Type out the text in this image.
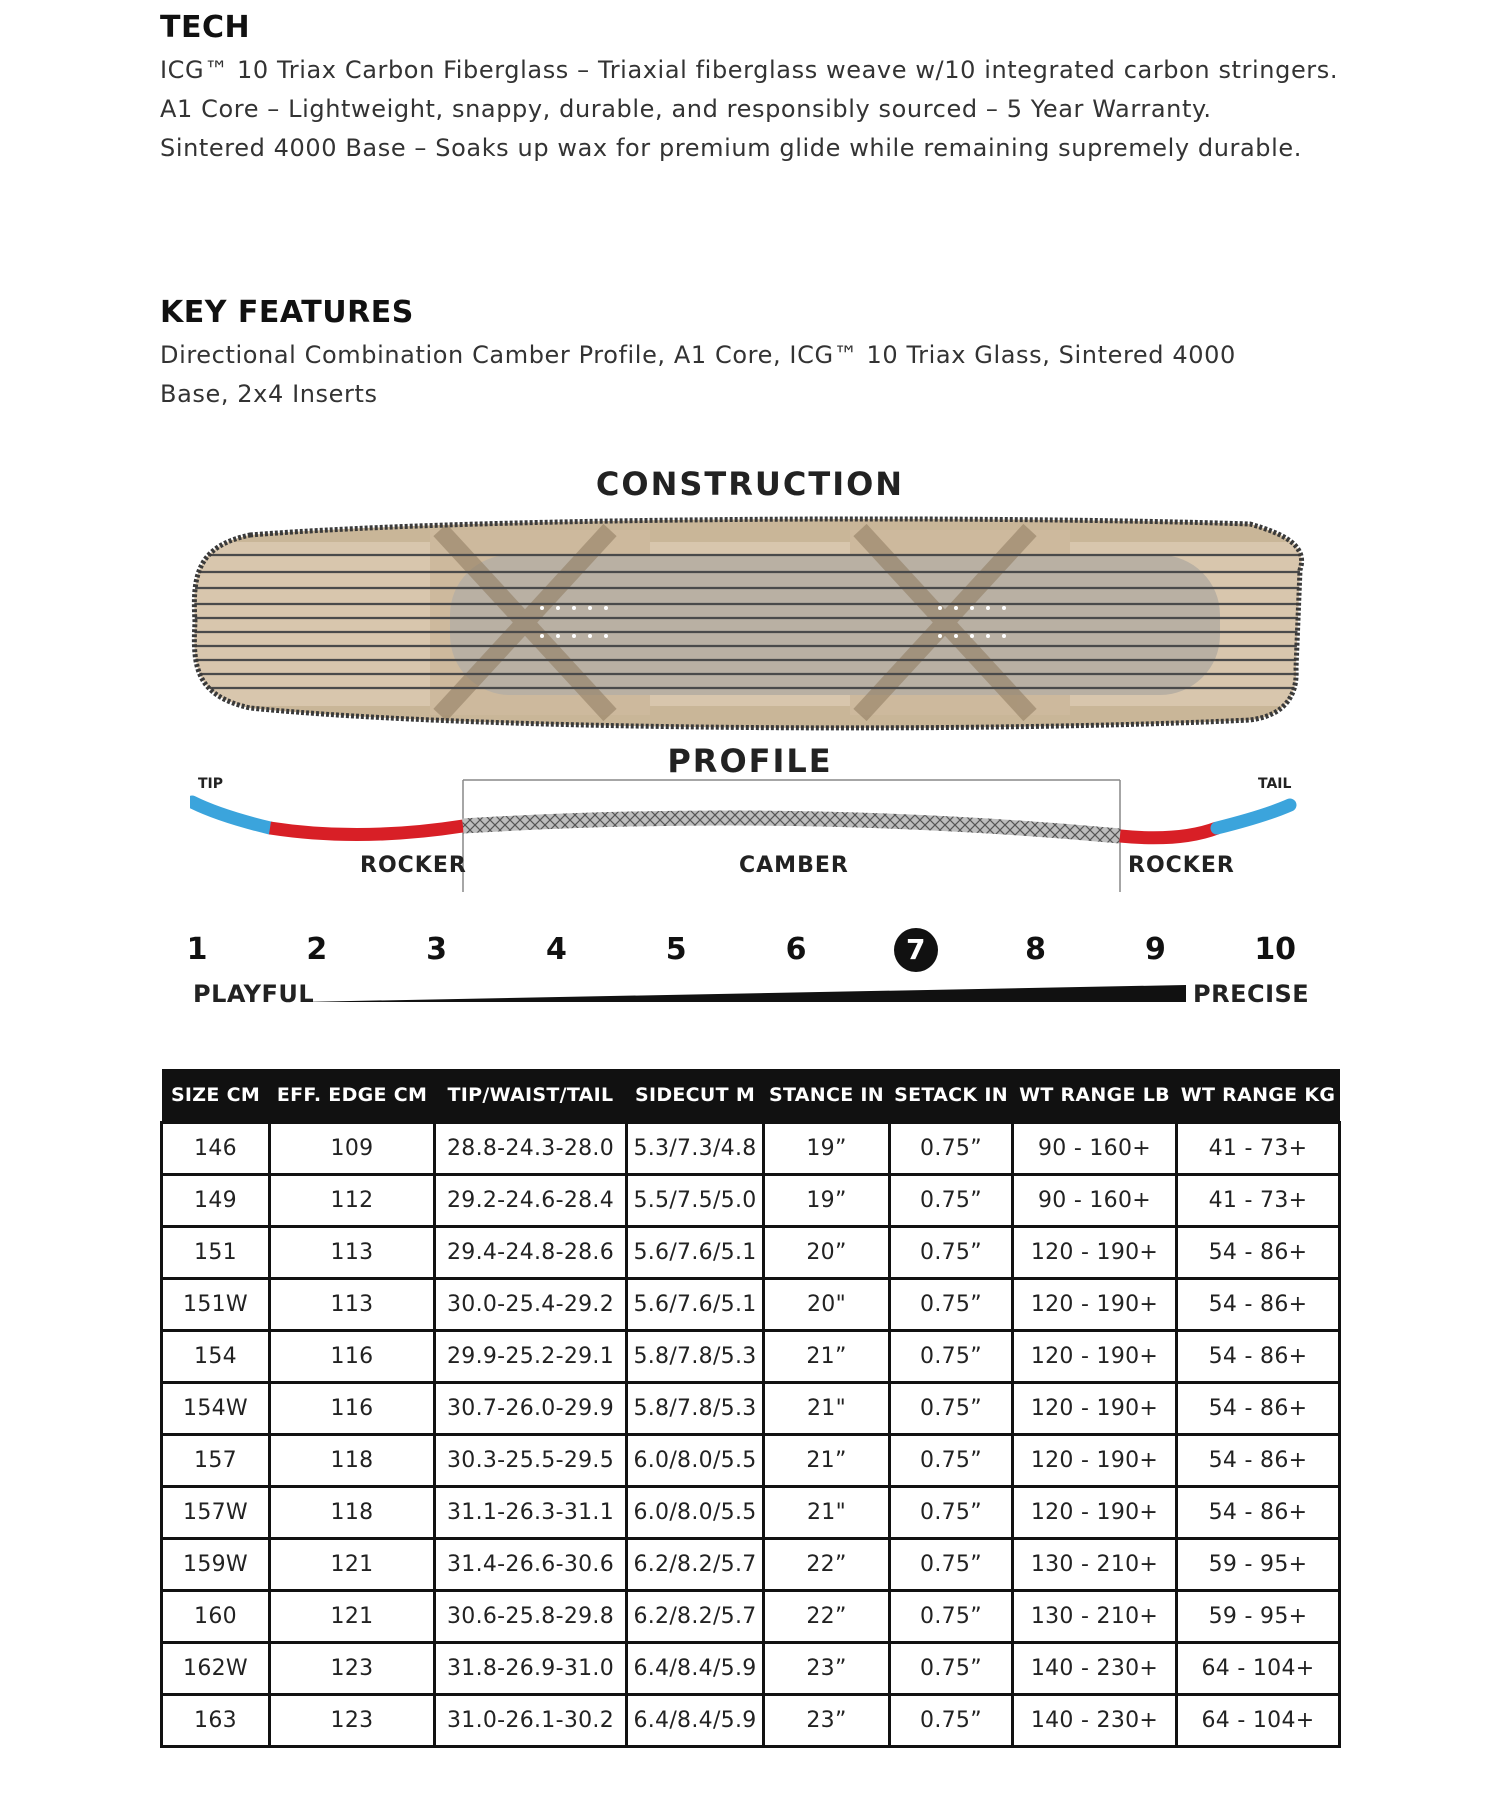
TECH

ICG™ 10 Triax Carbon Fiberglass – Triaxial fiberglass weave w/10 integrated carbon stringers.

A1 Core – Lightweight, snappy, durable, and responsibly sourced – 5 Year Warranty.

Sintered 4000 Base – Soaks up wax for premium glide while remaining supremely durable.

KEY FEATURES
Directional Combination Camber Profile, A1 Core, ICG™ 10 Triax Glass, Sintered 4000 Base, 2x4 Inserts
CONSTRUCTION
PROFILE
TIP	TAIL
ROCKER	CAMBER	ROCKER
1	2	3	4	5	6	7	8	9	10
PLAYFUL	PRECISE
SIZE CM	EFF. EDGE CM	TIP/WAIST/TAIL	SIDECUT M	STANCE IN	SETACK IN	WT RANGE LB	WT RANGE KG
146	109	28.8-24.3-28.0	5.3/7.3/4.8	19”	0.75”	90 - 160+	41 - 73+
149	112	29.2-24.6-28.4	5.5/7.5/5.0	19”	0.75”	90 - 160+	41 - 73+
151	113	29.4-24.8-28.6	5.6/7.6/5.1	20”	0.75”	120 - 190+	54 - 86+
151W	113	30.0-25.4-29.2	5.6/7.6/5.1	20"	0.75”	120 - 190+	54 - 86+
154	116	29.9-25.2-29.1	5.8/7.8/5.3	21”	0.75”	120 - 190+	54 - 86+
154W	116	30.7-26.0-29.9	5.8/7.8/5.3	21"	0.75”	120 - 190+	54 - 86+
157	118	30.3-25.5-29.5	6.0/8.0/5.5	21”	0.75”	120 - 190+	54 - 86+
157W	118	31.1-26.3-31.1	6.0/8.0/5.5	21"	0.75”	120 - 190+	54 - 86+
159W	121	31.4-26.6-30.6	6.2/8.2/5.7	22”	0.75”	130 - 210+	59 - 95+
160	121	30.6-25.8-29.8	6.2/8.2/5.7	22”	0.75”	130 - 210+	59 - 95+
162W	123	31.8-26.9-31.0	6.4/8.4/5.9	23”	0.75”	140 - 230+	64 - 104+
163	123	31.0-26.1-30.2	6.4/8.4/5.9	23”	0.75”	140 - 230+	64 - 104+
